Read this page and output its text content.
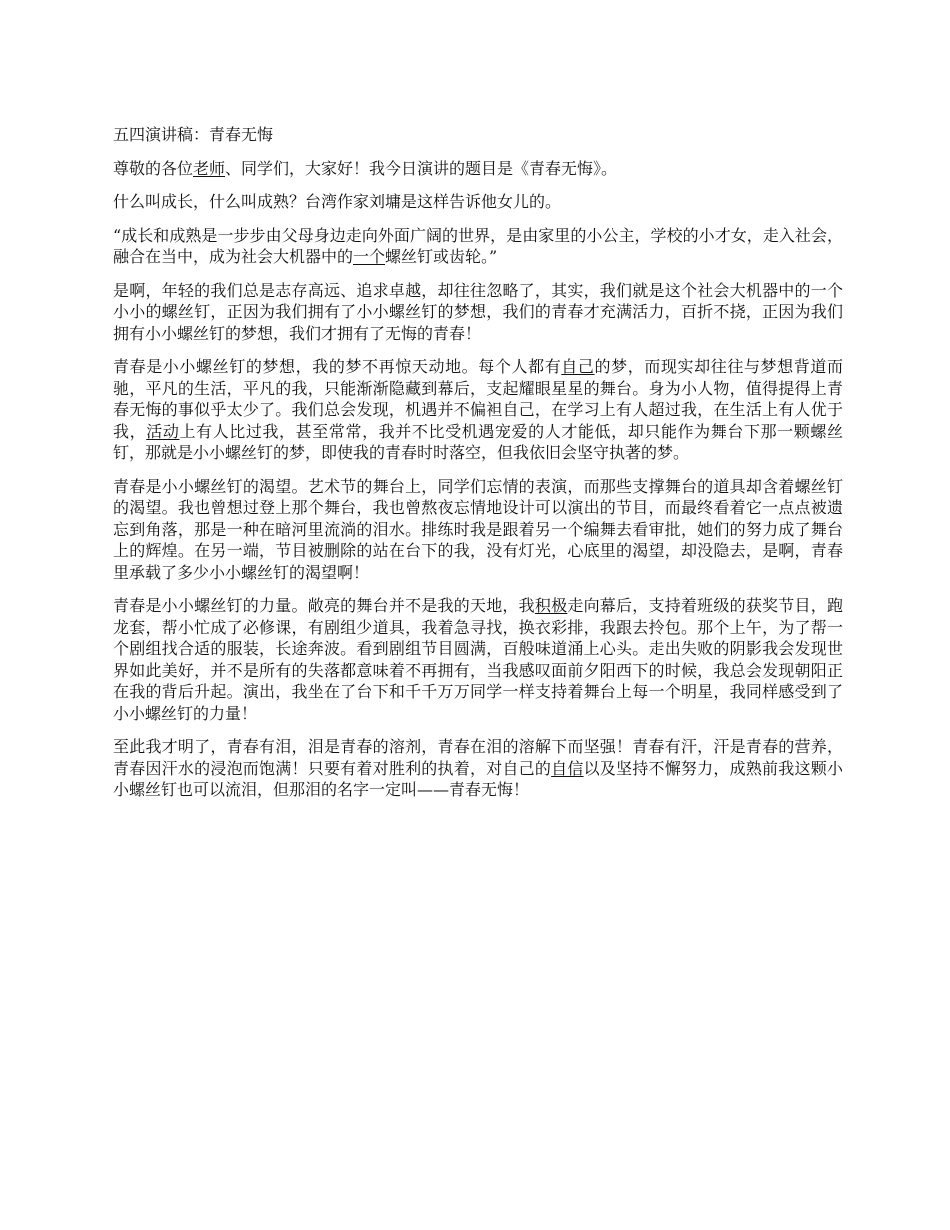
五四演讲稿：青春无悔

尊敬的各位老师、同学们，大家好！我今日演讲的题目是《青春无悔》。

什么叫成长，什么叫成熟？台湾作家刘墉是这样告诉他女儿的。

“成长和成熟是一步步由父母身边走向外面广阔的世界，是由家里的小公主，学校的小才女，走入社会，融合在当中，成为社会大机器中的一个螺丝钉或齿轮。”

是啊，年轻的我们总是志存高远、追求卓越，却往往忽略了，其实，我们就是这个社会大机器中的一个小小的螺丝钉，正因为我们拥有了小小螺丝钉的梦想，我们的青春才充满活力，百折不挠，正因为我们拥有小小螺丝钉的梦想，我们才拥有了无悔的青春！

青春是小小螺丝钉的梦想，我的梦不再惊天动地。每个人都有自己的梦，而现实却往往与梦想背道而驰，平凡的生活，平凡的我，只能渐渐隐藏到幕后，支起耀眼星星的舞台。身为小人物，值得提得上青春无悔的事似乎太少了。我们总会发现，机遇并不偏袒自己，在学习上有人超过我，在生活上有人优于我，活动上有人比过我，甚至常常，我并不比受机遇宠爱的人才能低，却只能作为舞台下那一颗螺丝钉，那就是小小螺丝钉的梦，即使我的青春时时落空，但我依旧会坚守执著的梦。

青春是小小螺丝钉的渴望。艺术节的舞台上，同学们忘情的表演，而那些支撑舞台的道具却含着螺丝钉的渴望。我也曾想过登上那个舞台，我也曾熬夜忘情地设计可以演出的节目，而最终看着它一点点被遗忘到角落，那是一种在暗河里流淌的泪水。排练时我是跟着另一个编舞去看审批，她们的努力成了舞台上的辉煌。在另一端，节目被删除的站在台下的我，没有灯光，心底里的渴望，却没隐去，是啊，青春里承载了多少小小螺丝钉的渴望啊！

青春是小小螺丝钉的力量。敞亮的舞台并不是我的天地，我积极走向幕后，支持着班级的获奖节目，跑龙套，帮小忙成了必修课，有剧组少道具，我着急寻找，换衣彩排，我跟去拎包。那个上午，为了帮一个剧组找合适的服装，长途奔波。看到剧组节目圆满，百般味道涌上心头。走出失败的阴影我会发现世界如此美好，并不是所有的失落都意味着不再拥有，当我感叹面前夕阳西下的时候，我总会发现朝阳正在我的背后升起。演出，我坐在了台下和千千万万同学一样支持着舞台上每一个明星，我同样感受到了小小螺丝钉的力量！

至此我才明了，青春有泪，泪是青春的溶剂，青春在泪的溶解下而坚强！青春有汗，汗是青春的营养，青春因汗水的浸泡而饱满！只要有着对胜利的执着，对自己的自信以及坚持不懈努力，成熟前我这颗小小螺丝钉也可以流泪，但那泪的名字一定叫——青春无悔！
